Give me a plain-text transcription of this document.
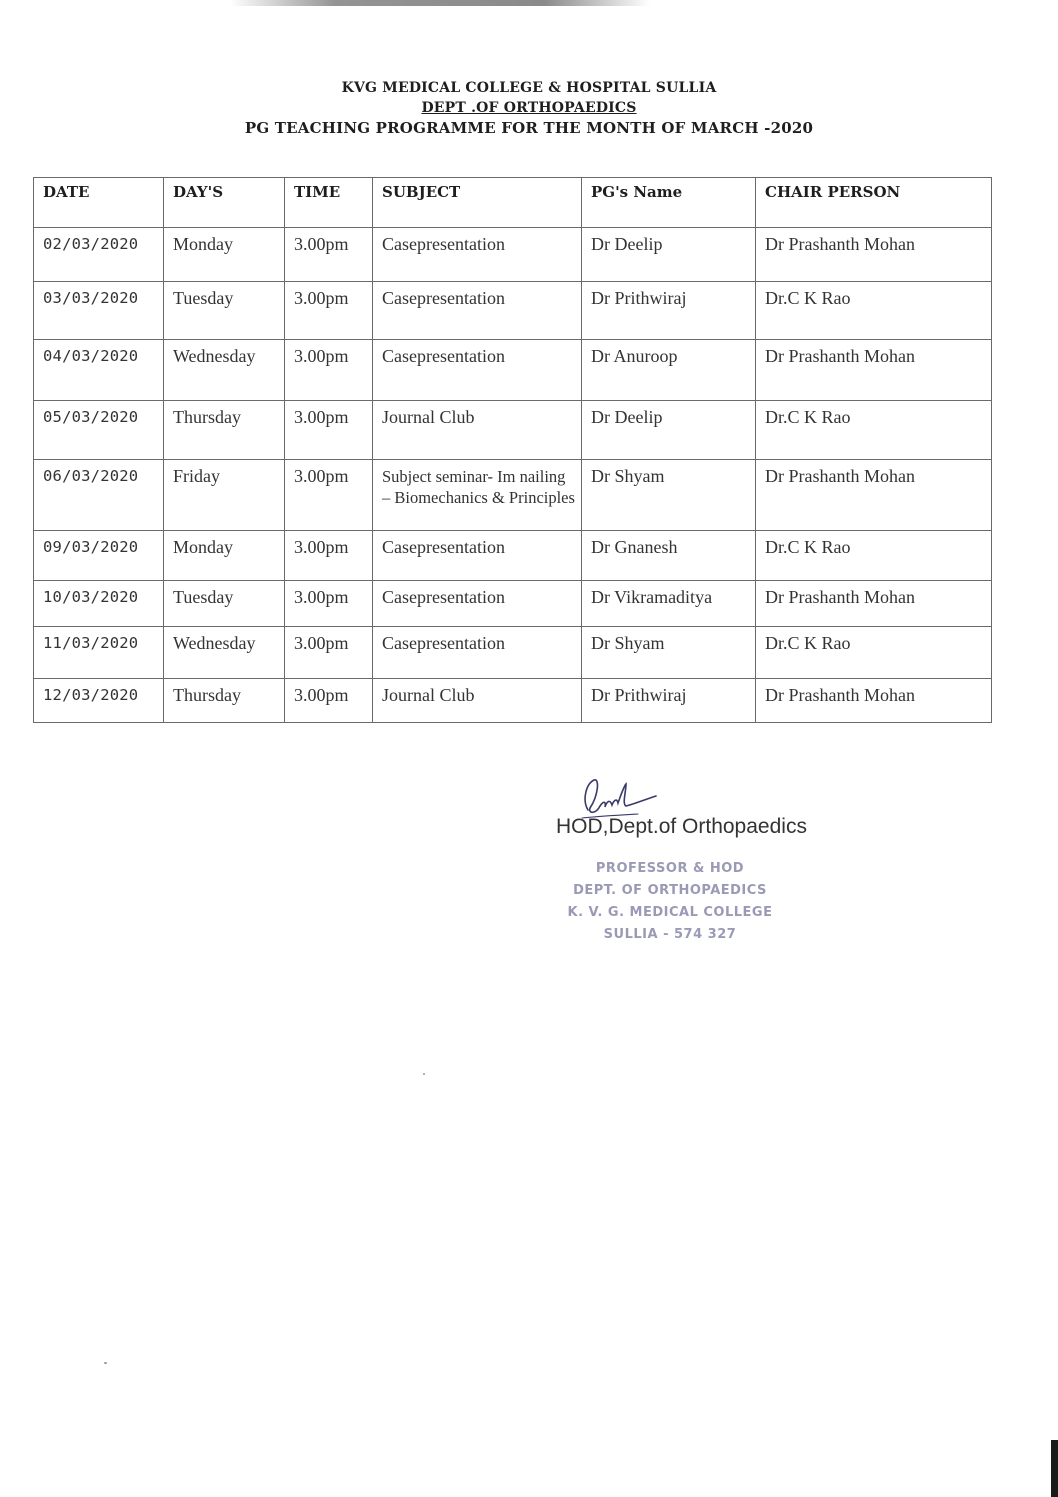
KVG MEDICAL COLLEGE & HOSPITAL SULLIA
DEPT .OF ORTHOPAEDICS
PG TEACHING PROGRAMME FOR THE MONTH OF MARCH -2020
DATE	DAY'S	TIME	SUBJECT	PG's Name	CHAIR PERSON
02/03/2020	Monday	3.00pm	Casepresentation	Dr Deelip	Dr Prashanth Mohan
03/03/2020	Tuesday	3.00pm	Casepresentation	Dr Prithwiraj	Dr.C K Rao
04/03/2020	Wednesday	3.00pm	Casepresentation	Dr Anuroop	Dr Prashanth Mohan
05/03/2020	Thursday	3.00pm	Journal Club	Dr Deelip	Dr.C K Rao
06/03/2020	Friday	3.00pm	Subject seminar- Im nailing – Biomechanics & Principles	Dr Shyam	Dr Prashanth Mohan
09/03/2020	Monday	3.00pm	Casepresentation	Dr Gnanesh	Dr.C K Rao
10/03/2020	Tuesday	3.00pm	Casepresentation	Dr Vikramaditya	Dr Prashanth Mohan
11/03/2020	Wednesday	3.00pm	Casepresentation	Dr Shyam	Dr.C K Rao
12/03/2020	Thursday	3.00pm	Journal Club	Dr Prithwiraj	Dr Prashanth Mohan
HOD,Dept.of Orthopaedics
PROFESSOR & HOD
DEPT. OF ORTHOPAEDICS
K. V. G. MEDICAL COLLEGE
SULLIA - 574 327
